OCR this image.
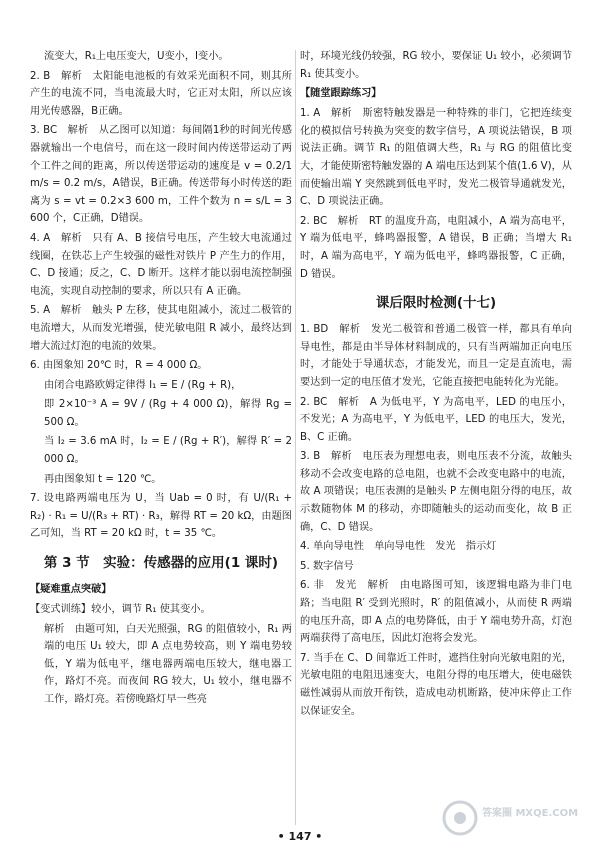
流变大，R₁上电压变大，U变小，I变小。

2. B　解析　太阳能电池板的有效采光面积不同，则其所产生的电流不同，当电流最大时，它正对太阳，所以应该用光传感器，B正确。

3. BC　解析　从乙图可以知道：每间隔1秒的时间光传感器就输出一个电信号，而在这一段时间内传送带运动了两个工件之间的距离，所以传送带运动的速度是 v = 0.2/1 m/s = 0.2 m/s，A错误，B正确。传送带每小时传送的距离为 s = vt = 0.2×3 600 m，工件个数为 n = s/L = 3 600 个，C正确，D错误。

4. A　解析　只有 A、B 接信号电压，产生较大电流通过线圈，在铁芯上产生较强的磁性对铁片 P 产生力的作用，C、D 接通；反之，C、D 断开。这样才能以弱电流控制强电流，实现自动控制的要求，所以只有 A 正确。

5. A　解析　触头 P 左移，使其电阻减小，流过二极管的电流增大，从而发光增强，使光敏电阻 R 减小，最终达到增大流过灯泡的电流的效果。

6. 由图象知 20℃ 时，R = 4 000 Ω。

由闭合电路欧姆定律得 I₁ = E / (Rg + R)，

即 2×10⁻³ A = 9V / (Rg + 4 000 Ω)，解得 Rg = 500 Ω。

当 I₂ = 3.6 mA 时，I₂ = E / (Rg + R′)，解得 R′ = 2 000 Ω。

再由图象知 t = 120 ℃。

7. 设电路两端电压为 U，当 Uab = 0 时，有 U/(R₁ + R₂) · R₁ = U/(R₃ + RT) · R₃，解得 RT = 20 kΩ，由题图乙可知，当 RT = 20 kΩ 时，t = 35 ℃。

第 3 节　实验：传感器的应用(1 课时)
【疑难重点突破】

【变式训练】较小，调节 R₁ 使其变小。

解析　由题可知，白天光照强，RG 的阻值较小，R₁ 两端的电压 U₁ 较大，即 A 点电势较高，则 Y 端电势较低，Y 端为低电平，继电器两端电压较大，继电器工作，路灯不亮。而夜间 RG 较大，U₁ 较小，继电器不工作，路灯亮。若傍晚路灯早一些亮

时，环境光线仍较强，RG 较小，要保证 U₁ 较小，必须调节 R₁ 使其变小。

【随堂跟踪练习】

1. A　解析　斯密特触发器是一种特殊的非门，它把连续变化的模拟信号转换为突变的数字信号，A 项说法错误，B 项说法正确。调节 R₁ 的阻值调大些，R₁ 与 RG 的阻值比变大，才能使斯密特触发器的 A 端电压达到某个值(1.6 V)，从而使输出端 Y 突然跳到低电平时，发光二极管导通就发光，C、D 项说法正确。

2. BC　解析　RT 的温度升高，电阻减小，A 端为高电平，Y 端为低电平，蜂鸣器报警，A 错误，B 正确；当增大 R₁ 时，A 端为高电平，Y 端为低电平，蜂鸣器报警，C 正确，D 错误。

课后限时检测(十七)

1. BD　解析　发光二极管和普通二极管一样，都具有单向导电性，都是由半导体材料制成的，只有当两端加正向电压时，才能处于导通状态，才能发光，而且一定是直流电，需要达到一定的电压值才发光，它能直接把电能转化为光能。

2. BC　解析　A 为低电平，Y 为高电平，LED 的电压小，不发光；A 为高电平，Y 为低电平，LED 的电压大，发光，B、C 正确。

3. B　解析　电压表为理想电表，则电压表不分流，故触头移动不会改变电路的总电阻，也就不会改变电路中的电流，故 A 项错误；电压表测的是触头 P 左侧电阻分得的电压，故示数随物体 M 的移动，亦即随触头的运动而变化，故 B 正确，C、D 错误。

4. 单向导电性　单向导电性　发光　指示灯

5. 数字信号

6. 非　发光　解析　由电路图可知，该逻辑电路为非门电路；当电阻 R′ 受到光照时，R′ 的阻值减小，从而使 R 两端的电压升高，即 A 点的电势降低，由于 Y 端电势升高，灯泡两端获得了高电压，因此灯泡将会发光。

7. 当手在 C、D 间靠近工件时，遮挡住射向光敏电阻的光，光敏电阻的电阻迅速变大，电阻分得的电压增大，使电磁铁磁性减弱从而放开衔铁，造成电动机断路，使冲床停止工作以保证安全。

• 147 •
答案圈 MXQE.COM
